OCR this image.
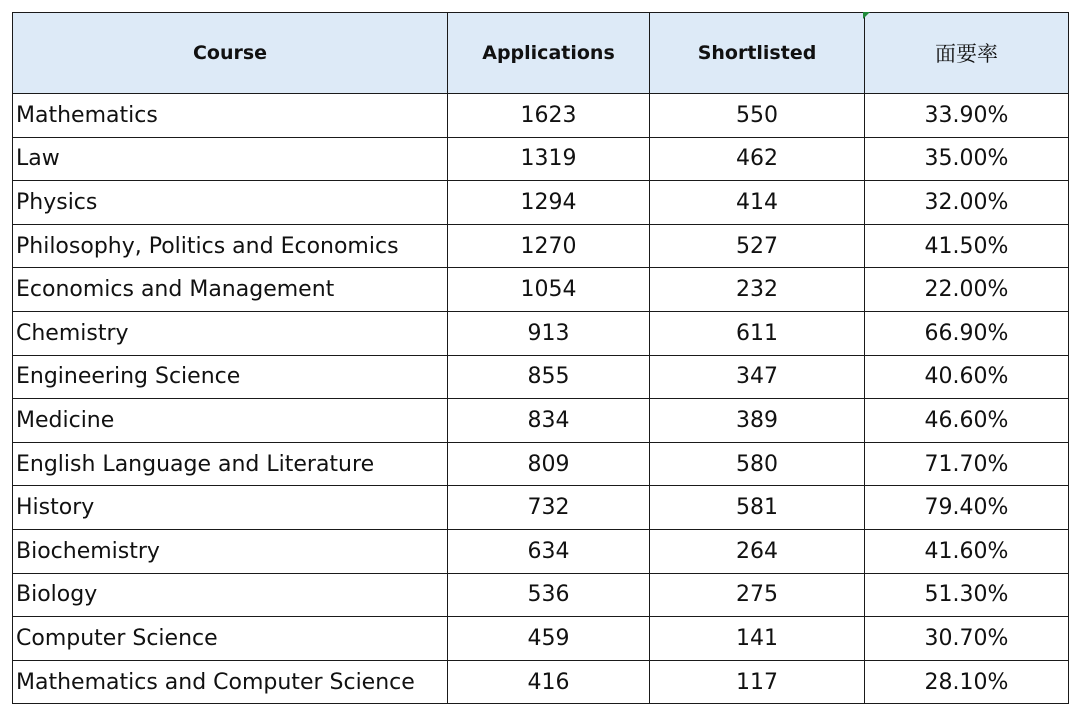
Course	Applications	Shortlisted	面要率
Mathematics	1623	550	33.90%
Law	1319	462	35.00%
Physics	1294	414	32.00%
Philosophy, Politics and Economics	1270	527	41.50%
Economics and Management	1054	232	22.00%
Chemistry	913	611	66.90%
Engineering Science	855	347	40.60%
Medicine	834	389	46.60%
English Language and Literature	809	580	71.70%
History	732	581	79.40%
Biochemistry	634	264	41.60%
Biology	536	275	51.30%
Computer Science	459	141	30.70%
Mathematics and Computer Science	416	117	28.10%
